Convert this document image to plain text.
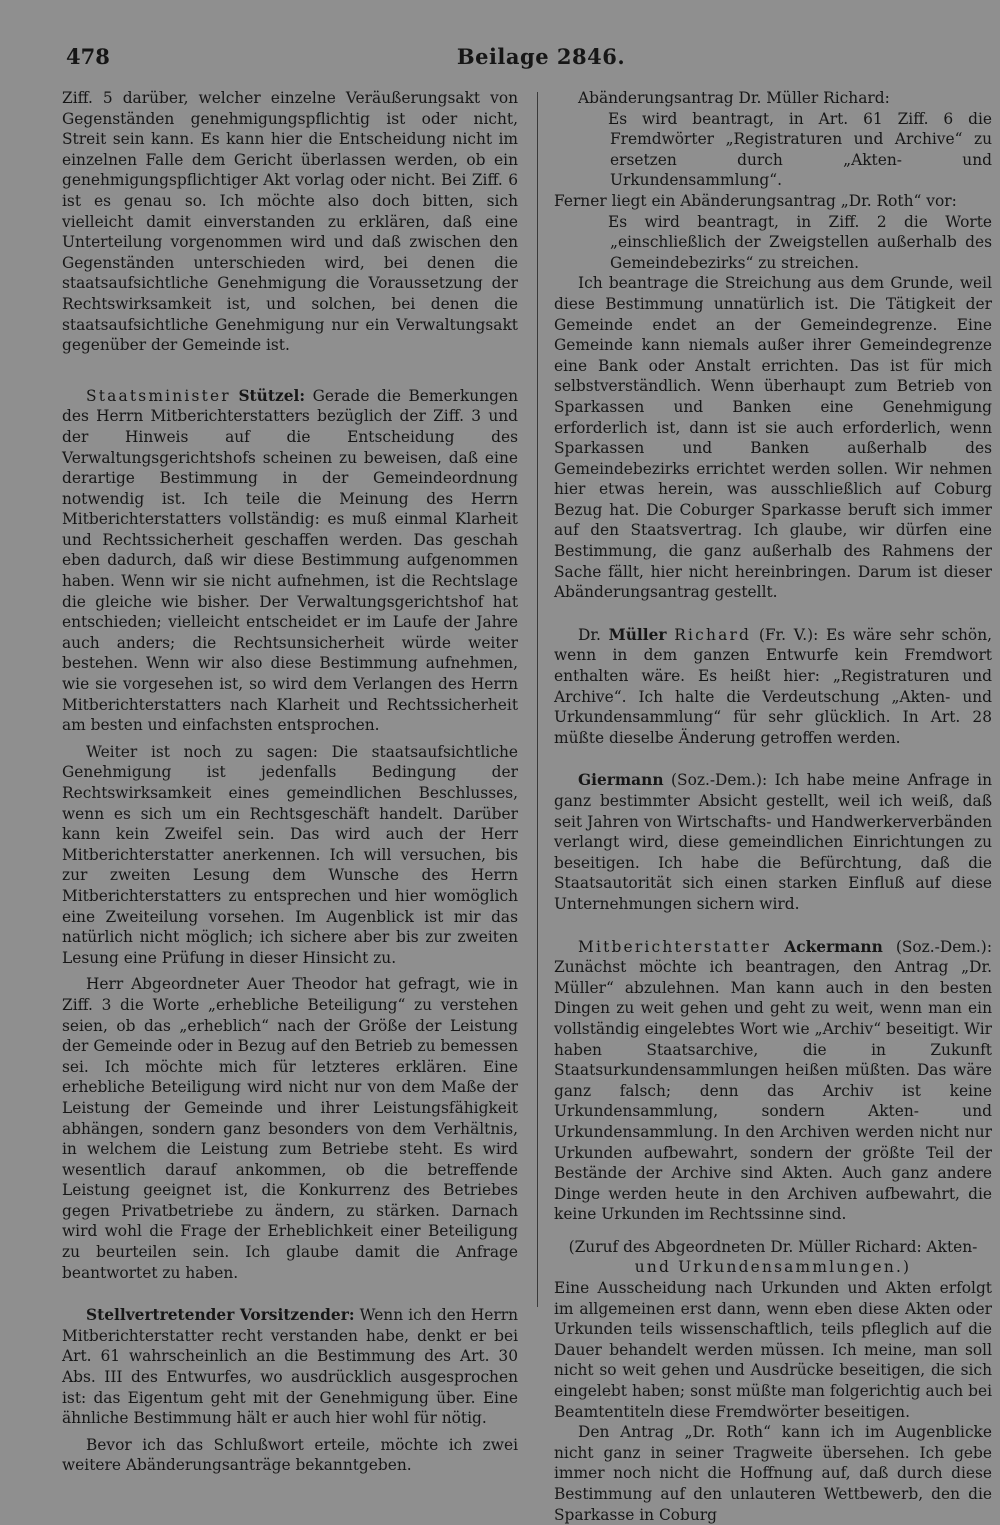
478	Beilage 2846.

Ziff. 5 darüber, welcher einzelne Veräußerungsakt von Gegenständen genehmigungspflichtig ist oder nicht, Streit sein kann. Es kann hier die Entscheidung nicht im einzelnen Falle dem Gericht überlassen werden, ob ein genehmigungspflichtiger Akt vorlag oder nicht. Bei Ziff. 6 ist es genau so. Ich möchte also doch bitten, sich vielleicht damit einverstanden zu erklären, daß eine Unterteilung vorgenommen wird und daß zwischen den Gegenständen unterschieden wird, bei denen die staatsaufsichtliche Genehmigung die Voraussetzung der Rechtswirksamkeit ist, und solchen, bei denen die staatsaufsichtliche Genehmigung nur ein Verwaltungsakt gegenüber der Gemeinde ist.

Staatsminister Stützel: Gerade die Bemerkungen des Herrn Mitberichterstatters bezüglich der Ziff. 3 und der Hinweis auf die Entscheidung des Verwaltungsgerichtshofs scheinen zu beweisen, daß eine derartige Bestimmung in der Gemeindeordnung notwendig ist. Ich teile die Meinung des Herrn Mitberichterstatters vollständig: es muß einmal Klarheit und Rechtssicherheit geschaffen werden. Das geschah eben dadurch, daß wir diese Bestimmung aufgenommen haben. Wenn wir sie nicht aufnehmen, ist die Rechtslage die gleiche wie bisher. Der Verwaltungsgerichtshof hat entschieden; vielleicht entscheidet er im Laufe der Jahre auch anders; die Rechtsunsicherheit würde weiter bestehen. Wenn wir also diese Bestimmung aufnehmen, wie sie vorgesehen ist, so wird dem Verlangen des Herrn Mitberichterstatters nach Klarheit und Rechtssicherheit am besten und einfachsten entsprochen.

Weiter ist noch zu sagen: Die staatsaufsichtliche Genehmigung ist jedenfalls Bedingung der Rechtswirksamkeit eines gemeindlichen Beschlusses, wenn es sich um ein Rechtsgeschäft handelt. Darüber kann kein Zweifel sein. Das wird auch der Herr Mitberichterstatter anerkennen. Ich will versuchen, bis zur zweiten Lesung dem Wunsche des Herrn Mitberichterstatters zu entsprechen und hier womöglich eine Zweiteilung vorsehen. Im Augenblick ist mir das natürlich nicht möglich; ich sichere aber bis zur zweiten Lesung eine Prüfung in dieser Hinsicht zu.

Herr Abgeordneter Auer Theodor hat gefragt, wie in Ziff. 3 die Worte „erhebliche Beteiligung“ zu verstehen seien, ob das „erheblich“ nach der Größe der Leistung der Gemeinde oder in Bezug auf den Betrieb zu bemessen sei. Ich möchte mich für letzteres erklären. Eine erhebliche Beteiligung wird nicht nur von dem Maße der Leistung der Gemeinde und ihrer Leistungsfähigkeit abhängen, sondern ganz besonders von dem Verhältnis, in welchem die Leistung zum Betriebe steht. Es wird wesentlich darauf ankommen, ob die betreffende Leistung geeignet ist, die Konkurrenz des Betriebes gegen Privatbetriebe zu ändern, zu stärken. Darnach wird wohl die Frage der Erheblichkeit einer Beteiligung zu beurteilen sein. Ich glaube damit die Anfrage beantwortet zu haben.

Stellvertretender Vorsitzender: Wenn ich den Herrn Mitberichterstatter recht verstanden habe, denkt er bei Art. 61 wahrscheinlich an die Bestimmung des Art. 30 Abs. III des Entwurfes, wo ausdrücklich ausgesprochen ist: das Eigentum geht mit der Genehmigung über. Eine ähnliche Bestimmung hält er auch hier wohl für nötig.

Bevor ich das Schlußwort erteile, möchte ich zwei weitere Abänderungsanträge bekanntgeben.

Abänderungsantrag Dr. Müller Richard:

Es wird beantragt, in Art. 61 Ziff. 6 die Fremdwörter „Registraturen und Archive“ zu ersetzen durch „Akten- und Urkundensammlung“.

Ferner liegt ein Abänderungsantrag „Dr. Roth“ vor:

Es wird beantragt, in Ziff. 2 die Worte „einschließlich der Zweigstellen außerhalb des Gemeindebezirks“ zu streichen.

Ich beantrage die Streichung aus dem Grunde, weil diese Bestimmung unnatürlich ist. Die Tätigkeit der Gemeinde endet an der Gemeindegrenze. Eine Gemeinde kann niemals außer ihrer Gemeindegrenze eine Bank oder Anstalt errichten. Das ist für mich selbstverständlich. Wenn überhaupt zum Betrieb von Sparkassen und Banken eine Genehmigung erforderlich ist, dann ist sie auch erforderlich, wenn Sparkassen und Banken außerhalb des Gemeindebezirks errichtet werden sollen. Wir nehmen hier etwas herein, was ausschließlich auf Coburg Bezug hat. Die Coburger Sparkasse beruft sich immer auf den Staatsvertrag. Ich glaube, wir dürfen eine Bestimmung, die ganz außerhalb des Rahmens der Sache fällt, hier nicht hereinbringen. Darum ist dieser Abänderungsantrag gestellt.

Dr. Müller Richard (Fr. V.): Es wäre sehr schön, wenn in dem ganzen Entwurfe kein Fremdwort enthalten wäre. Es heißt hier: „Registraturen und Archive“. Ich halte die Verdeutschung „Akten- und Urkundensammlung“ für sehr glücklich. In Art. 28 müßte dieselbe Änderung getroffen werden.

Giermann (Soz.-Dem.): Ich habe meine Anfrage in ganz bestimmter Absicht gestellt, weil ich weiß, daß seit Jahren von Wirtschafts- und Handwerkerverbänden verlangt wird, diese gemeindlichen Einrichtungen zu beseitigen. Ich habe die Befürchtung, daß die Staatsautorität sich einen starken Einfluß auf diese Unternehmungen sichern wird.

Mitberichterstatter Ackermann (Soz.-Dem.): Zunächst möchte ich beantragen, den Antrag „Dr. Müller“ abzulehnen. Man kann auch in den besten Dingen zu weit gehen und geht zu weit, wenn man ein vollständig eingelebtes Wort wie „Archiv“ beseitigt. Wir haben Staatsarchive, die in Zukunft Staatsurkundensammlungen heißen müßten. Das wäre ganz falsch; denn das Archiv ist keine Urkundensammlung, sondern Akten- und Urkundensammlung. In den Archiven werden nicht nur Urkunden aufbewahrt, sondern der größte Teil der Bestände der Archive sind Akten. Auch ganz andere Dinge werden heute in den Archiven aufbewahrt, die keine Urkunden im Rechtssinne sind.

(Zuruf des Abgeordneten Dr. Müller Richard: Akten-
und Urkundensammlungen.)

Eine Ausscheidung nach Urkunden und Akten erfolgt im allgemeinen erst dann, wenn eben diese Akten oder Urkunden teils wissenschaftlich, teils pfleglich auf die Dauer behandelt werden müssen. Ich meine, man soll nicht so weit gehen und Ausdrücke beseitigen, die sich eingelebt haben; sonst müßte man folgerichtig auch bei Beamtentiteln diese Fremdwörter beseitigen.

Den Antrag „Dr. Roth“ kann ich im Augenblicke nicht ganz in seiner Tragweite übersehen. Ich gebe immer noch nicht die Hoffnung auf, daß durch diese Bestimmung auf den unlauteren Wettbewerb, den die Sparkasse in Coburg
